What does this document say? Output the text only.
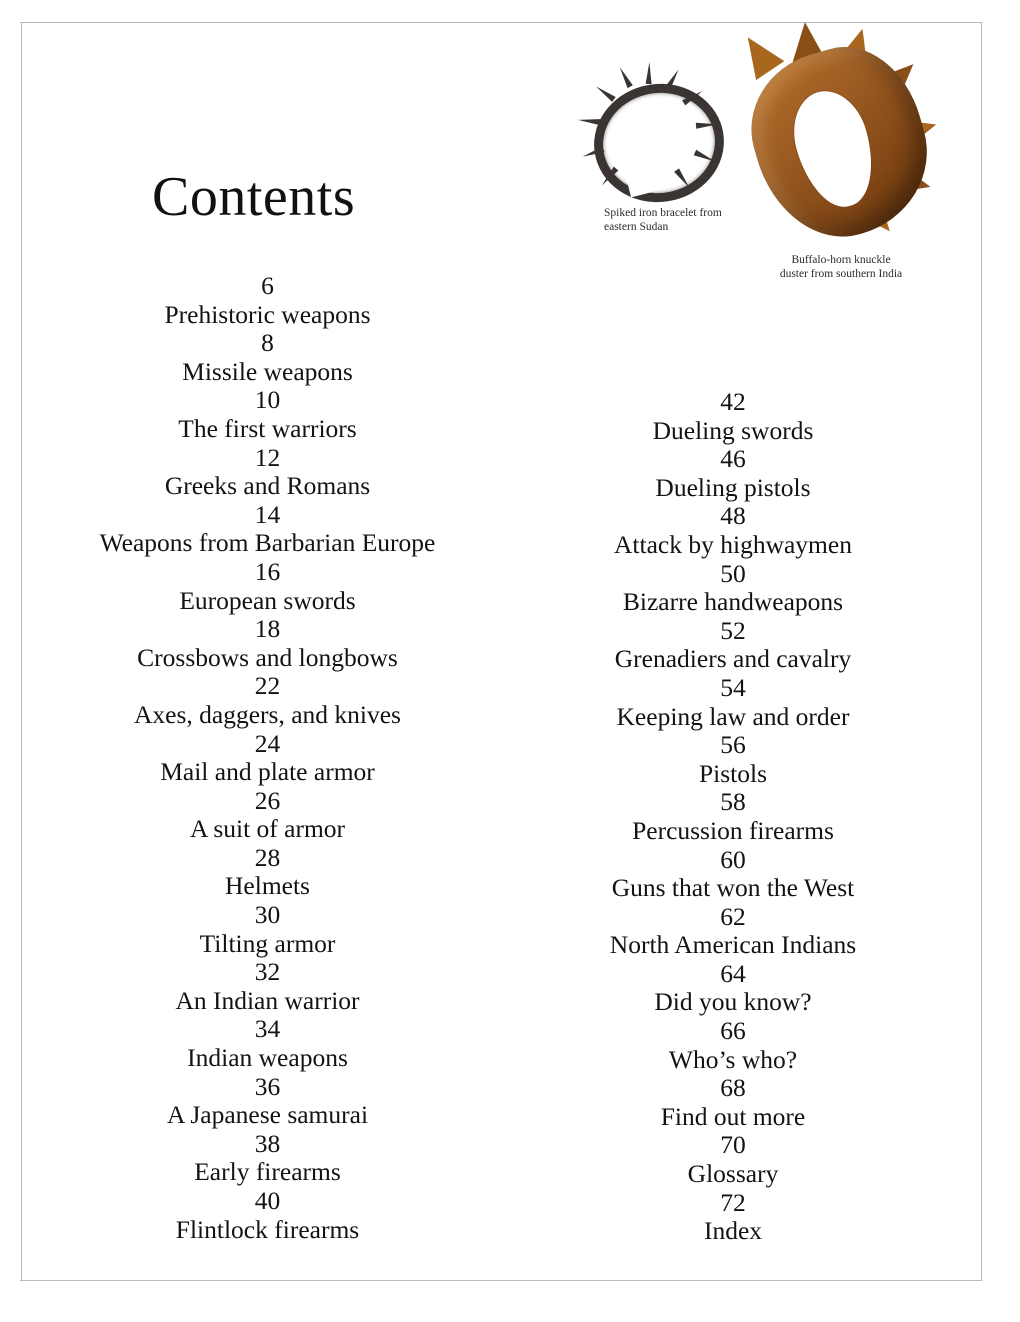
Spiked iron bracelet from eastern Sudan
Buffalo-horn knuckle duster from southern India
Contents
6
Prehistoric weapons
8
Missile weapons
10
The first warriors
12
Greeks and Romans
14
Weapons from Barbarian Europe
16
European swords
18
Crossbows and longbows
22
Axes, daggers, and knives
24
Mail and plate armor
26
A suit of armor
28
Helmets
30
Tilting armor
32
An Indian warrior
34
Indian weapons
36
A Japanese samurai
38
Early firearms
40
Flintlock firearms
42
Dueling swords
46
Dueling pistols
48
Attack by highwaymen
50
Bizarre handweapons
52
Grenadiers and cavalry
54
Keeping law and order
56
Pistols
58
Percussion firearms
60
Guns that won the West
62
North American Indians
64
Did you know?
66
Who’s who?
68
Find out more
70
Glossary
72
Index
